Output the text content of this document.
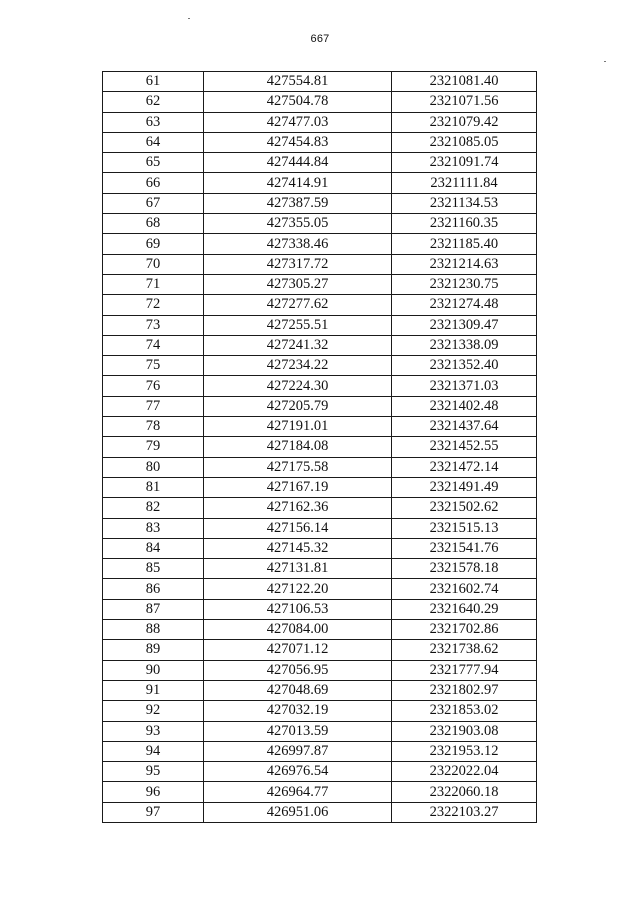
667
61	427554.81	2321081.40
62	427504.78	2321071.56
63	427477.03	2321079.42
64	427454.83	2321085.05
65	427444.84	2321091.74
66	427414.91	2321111.84
67	427387.59	2321134.53
68	427355.05	2321160.35
69	427338.46	2321185.40
70	427317.72	2321214.63
71	427305.27	2321230.75
72	427277.62	2321274.48
73	427255.51	2321309.47
74	427241.32	2321338.09
75	427234.22	2321352.40
76	427224.30	2321371.03
77	427205.79	2321402.48
78	427191.01	2321437.64
79	427184.08	2321452.55
80	427175.58	2321472.14
81	427167.19	2321491.49
82	427162.36	2321502.62
83	427156.14	2321515.13
84	427145.32	2321541.76
85	427131.81	2321578.18
86	427122.20	2321602.74
87	427106.53	2321640.29
88	427084.00	2321702.86
89	427071.12	2321738.62
90	427056.95	2321777.94
91	427048.69	2321802.97
92	427032.19	2321853.02
93	427013.59	2321903.08
94	426997.87	2321953.12
95	426976.54	2322022.04
96	426964.77	2322060.18
97	426951.06	2322103.27
